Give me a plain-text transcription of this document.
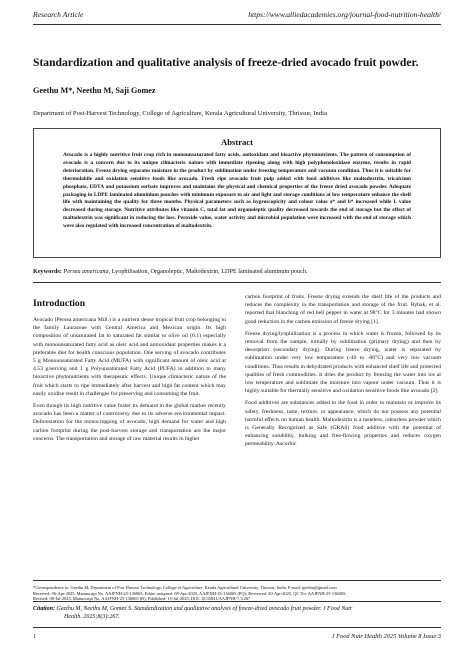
Research Article	https://www.alliedacademies.org/journal-food-nutrition-health/
Standardization and qualitative analysis of freeze-dried avocado fruit powder.
Geethu M*, Neethu M, Saji Gomez
Department of Post-Harvest Technology, College of Agriculture, Kerala Agricultural University, Thrissur, India
Abstract
Avocado is a highly nutritive fruit crop rich in monounsaturated fatty acids, antioxidant and bioactive phytonutrients. The pattern of consumption of avocado is a concern due to its unique climacteric nature with immediate ripening along with high polyphenoloxidase enzyme, results in rapid deterioration. Freeze drying separates moisture in the product by sublimation under freezing temperature and vacuum condition. Thus it is suitable for thermolabile and oxidation sensitive foods like avocado. Fresh ripe avocado fruit pulp added with food additives like maltodextrin, tricalcium phosphate, EDTA and potassium sorbate improves and maintains the physical and chemical properties of the freeze dried avocado powder. Adequate packaging in LDPE laminated aluminium pouches with minimum exposure to air and light and storage conditions at low temperature enhance the shelf life with maintaining the quality for three months. Physical parameters such as hygroscopicity and colour value a* and b* increased while L value decreased during storage. Nutritive attributes like vitamin C, total fat and organoleptic quality decreased towards the end of storage but the effect of maltodextrin was significant in reducing the loss. Peroxide value, water activity and microbial population were increased with the end of storage which were also regulated with increased concentration of maltodextrin.
Keywords: Persea americana, Lyophilisation, Organoleptic, Maltodextrin, LDPE laminated aluminum pouch.
Introduction

Avocado (Persea americana Mill.) is a nutrient dense tropical fruit crop belonging to the family Lauraceae with Central America and Mexican origin. Its high composition of unsaturated fat to saturated fat similar to olive oil (6:1) especially with monounsaturated fatty acid as oleic acid and antioxidant properties makes it a preferable diet for health conscious population. One serving of avocado contributes 5 g Monounsaturated Fatty Acid (MUFA) with significant amount of oleic acid at 4.53 g/serving and 1 g Polyunsaturated Fatty Acid (PUFA) in addition to many bioactive phytonutrients with therapeutic effects. Unique climacteric nature of the fruit which starts to ripe immediately after harvest and high fat content which may easily oxidise result in challenges for preserving and consuming the fruit.

Even though its high nutritive value foster its demand in the global market recently avocado has been a matter of controversy due to its adverse environmental impact. Deforestation for the monocropping of avocado, high demand for water and high carbon footprint during the post-harvest storage and transportation are the major concerns. The transportation and storage of raw material results in higher

carbon footprint of fruits. Freeze drying extends the shelf life of the products and reduces the complexity in the transportation and storage of the fruit. Rybak, et al. reported that blanching of red bell pepper in water at 98°C for 3 minutes had shown good reduction in the carbon emission of freeze drying [1].

Freeze drying/lyophilisation is a process in which water is frozen, followed by its removal from the sample, initially by sublimation (primary drying) and then by desorption (secondary drying). During freeze drying, water is separated by sublimation under very low temperature (-40 to -80°C) and very low vacuum conditions. Thus results in dehydrated products with enhanced shelf life and protected qualities of fresh commodities. It dries the product by freezing the water into ice at low temperature and sublimate the moisture into vapour under vacuum. Thus it is highly suitable for thermally sensitive and oxidation sensitive foods like avocado [2].

Food additives are substances added to the food in order to maintain or improve its safety, freshness, taste, texture, or appearance, which do not possess any potential harmful effects on human health. Maltodextrin is a tasteless, odourless powder which is Generally Recognized as Safe (GRAS) food additive with the potential of enhancing solubility, bulking and free-flowing properties and reduces oxygen permeability. Ascorbic

*Correspondence to: Geethu M, Department of Post Harvest Technology, College of Agriculture, Kerala Agricultural University, Thrissur, India, E-mail: geethu@gmail.com

Received: 06-Apr-2025, Manuscript No. AAJFNH-25-136065; Editor assigned: 08-Apr-2025, AAJFNH-25-136065 (PQ); Reviewed: 20-Apr-2025, QC No. AAJFNH-25-136065;

Revised: 08-Jul-2025, Manuscript No. AAJFNH-25-136065 (R); Published: 15-Jul-2025, DOI: 10.35841/AAJFNH-7.3.267

Citation: Geethu M, Neethu M, Gomez S. Standardization and qualitative analysis of freeze-dried avocado fruit powder. J Food Nutr
Health. 2025;8(3):267.
1	J Food Nutr Health 2025 Volume 8 Issue 3
